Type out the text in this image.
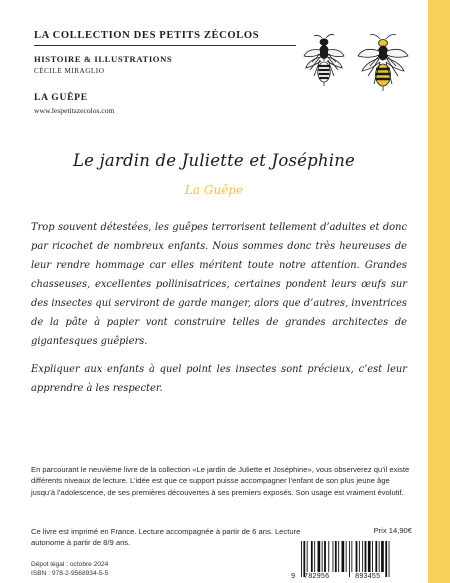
LA COLLECTION DES PETITS ZÉCOLOS
HISTOIRE & ILLUSTRATIONS
CÉCILE MIRAGLIO
LA GUÊPE
www.lespetitszecolos.com
Le jardin de Juliette et Joséphine
La Guêpe

Trop souvent détestées, les guêpes terrorisent tellement d’adultes et donc par ricochet de nombreux enfants. Nous sommes donc très heureuses de leur rendre hommage car elles méritent toute notre attention. Grandes chasseuses, excellentes pollinisatrices, certaines pondent leurs œufs sur des insectes qui serviront de garde manger, alors que d’autres, inventrices de la pâte à papier vont construire telles de grandes architectes de gigantesques guêpiers.

Expliquer aux enfants à quel point les insectes sont précieux, c’est leur apprendre à les respecter.

En parcourant le neuvième livre de la collection «Le jardin de Juliette et Joséphine», vous observerez qu’il existe différents niveaux de lecture. L’idée est que ce support puisse accompagner l’enfant de son plus jeune âge jusqu’à l’adolescence, de ses premières découvertes à ses premiers exposés. Son usage est vraiment évolutif.
Ce livre est imprimé en France. Lecture accompagnée à partir de 6 ans. Lecture autonome à partir de 8/9 ans.
Prix 14,90€
Dépot légal : octobre 2024
ISBN : 978-2-9568934-5-5	9 782956	893455
